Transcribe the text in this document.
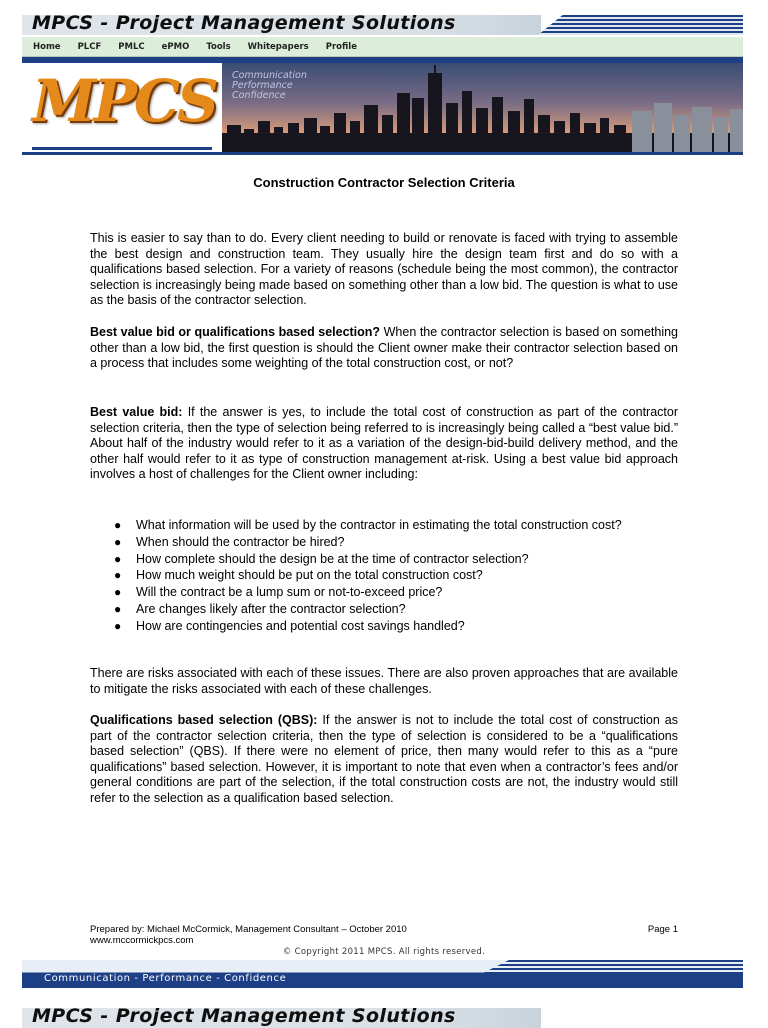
MPCS - Project Management Solutions
Home PLCF PMLC ePMO Tools Whitepapers Profile
MPCS Communication
Performance
Confidence
Construction Contractor Selection Criteria

This is easier to say than to do. Every client needing to build or renovate is faced with trying to assemble the best design and construction team. They usually hire the design team first and do so with a qualifications based selection. For a variety of reasons (schedule being the most common), the contractor selection is increasingly being made based on something other than a low bid. The question is what to use as the basis of the contractor selection.

Best value bid or qualifications based selection? When the contractor selection is based on something other than a low bid, the first question is should the Client owner make their contractor selection based on a process that includes some weighting of the total construction cost, or not?

Best value bid: If the answer is yes, to include the total cost of construction as part of the contractor selection criteria, then the type of selection being referred to is increasingly being called a “best value bid.” About half of the industry would refer to it as a variation of the design-bid-build delivery method, and the other half would refer to it as type of construction management at-risk. Using a best value bid approach involves a host of challenges for the Client owner including:

● What information will be used by the contractor in estimating the total construction cost?
● When should the contractor be hired?
● How complete should the design be at the time of contractor selection?
● How much weight should be put on the total construction cost?
● Will the contract be a lump sum or not-to-exceed price?
● Are changes likely after the contractor selection?
● How are contingencies and potential cost savings handled?

There are risks associated with each of these issues. There are also proven approaches that are available to mitigate the risks associated with each of these challenges.

Qualifications based selection (QBS): If the answer is not to include the total cost of construction as part of the contractor selection criteria, then the type of selection is considered to be a “qualifications based selection” (QBS). If there were no element of price, then many would refer to this as a “pure qualifications” based selection. However, it is important to note that even when a contractor’s fees and/or general conditions are part of the selection, if the total construction costs are not, the industry would still refer to the selection as a qualification based selection.

Prepared by: Michael McCormick, Management Consultant – October 2010
www.mccormickpcs.com
Page 1
© Copyright 2011 MPCS. All rights reserved.
Communication - Performance - Confidence
MPCS - Project Management Solutions
